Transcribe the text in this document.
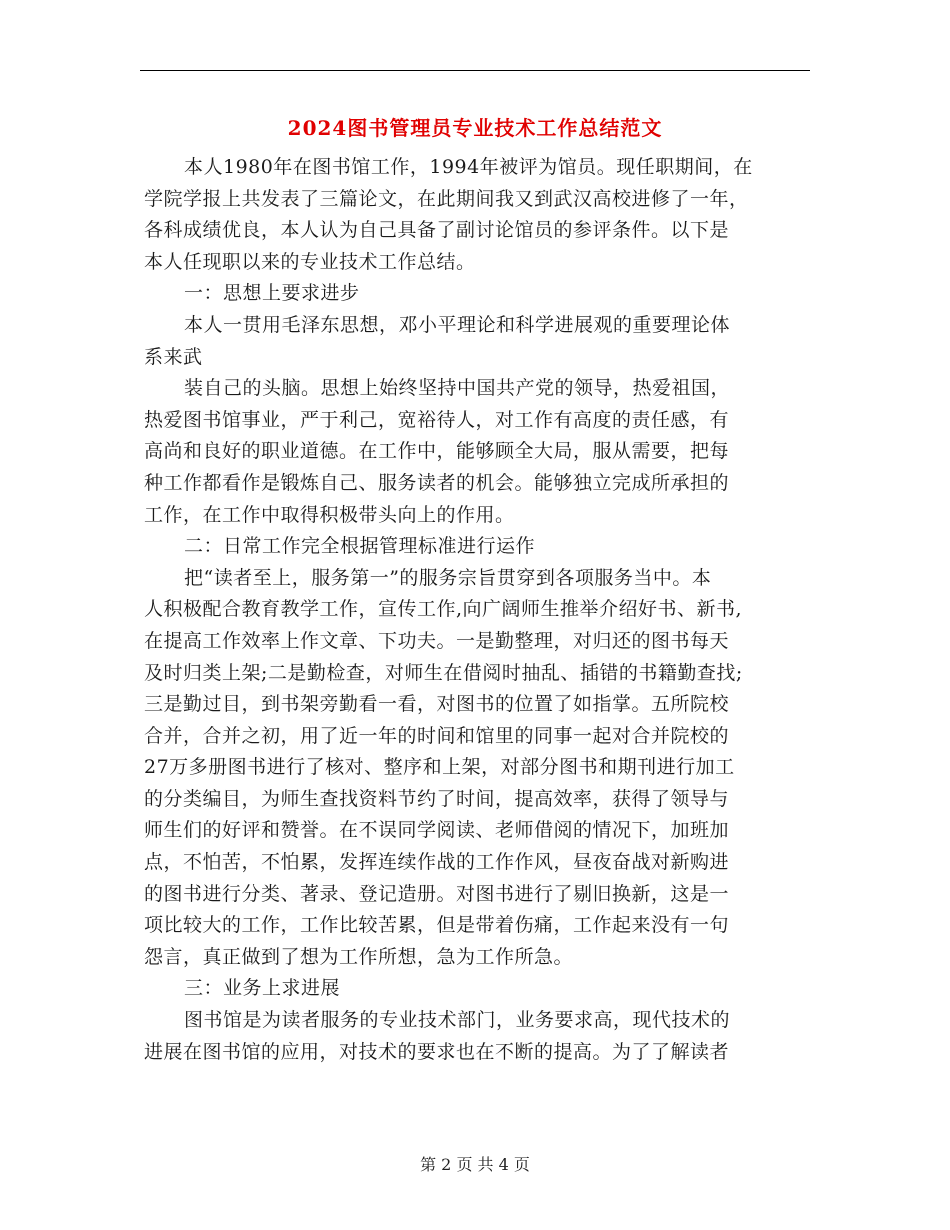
2024图书管理员专业技术工作总结范文
本人1980年在图书馆工作，1994年被评为馆员。现任职期间，在
学院学报上共发表了三篇论文，在此期间我又到武汉高校进修了一年，
各科成绩优良，本人认为自己具备了副讨论馆员的参评条件。以下是
本人任现职以来的专业技术工作总结。
一：思想上要求进步
本人一贯用毛泽东思想，邓小平理论和科学进展观的重要理论体
系来武
装自己的头脑。思想上始终坚持中国共产党的领导，热爱祖国，
热爱图书馆事业，严于利己，宽裕待人，对工作有高度的责任感，有
高尚和良好的职业道德。在工作中，能够顾全大局，服从需要，把每
种工作都看作是锻炼自己、服务读者的机会。能够独立完成所承担的
工作，在工作中取得积极带头向上的作用。
二：日常工作完全根据管理标准进行运作
把“读者至上，服务第一”的服务宗旨贯穿到各项服务当中。本
人积极配合教育教学工作，宣传工作,向广阔师生推举介绍好书、新书,
在提高工作效率上作文章、下功夫。一是勤整理，对归还的图书每天
及时归类上架;二是勤检查，对师生在借阅时抽乱、插错的书籍勤查找;
三是勤过目，到书架旁勤看一看，对图书的位置了如指掌。五所院校
合并，合并之初，用了近一年的时间和馆里的同事一起对合并院校的
27万多册图书进行了核对、整序和上架，对部分图书和期刊进行加工
的分类编目，为师生查找资料节约了时间，提高效率，获得了领导与
师生们的好评和赞誉。在不误同学阅读、老师借阅的情况下，加班加
点，不怕苦，不怕累，发挥连续作战的工作作风，昼夜奋战对新购进
的图书进行分类、著录、登记造册。对图书进行了剔旧换新，这是一
项比较大的工作，工作比较苦累，但是带着伤痛，工作起来没有一句
怨言，真正做到了想为工作所想，急为工作所急。
三：业务上求进展
图书馆是为读者服务的专业技术部门，业务要求高，现代技术的
进展在图书馆的应用，对技术的要求也在不断的提高。为了了解读者
第 2 页 共 4 页
